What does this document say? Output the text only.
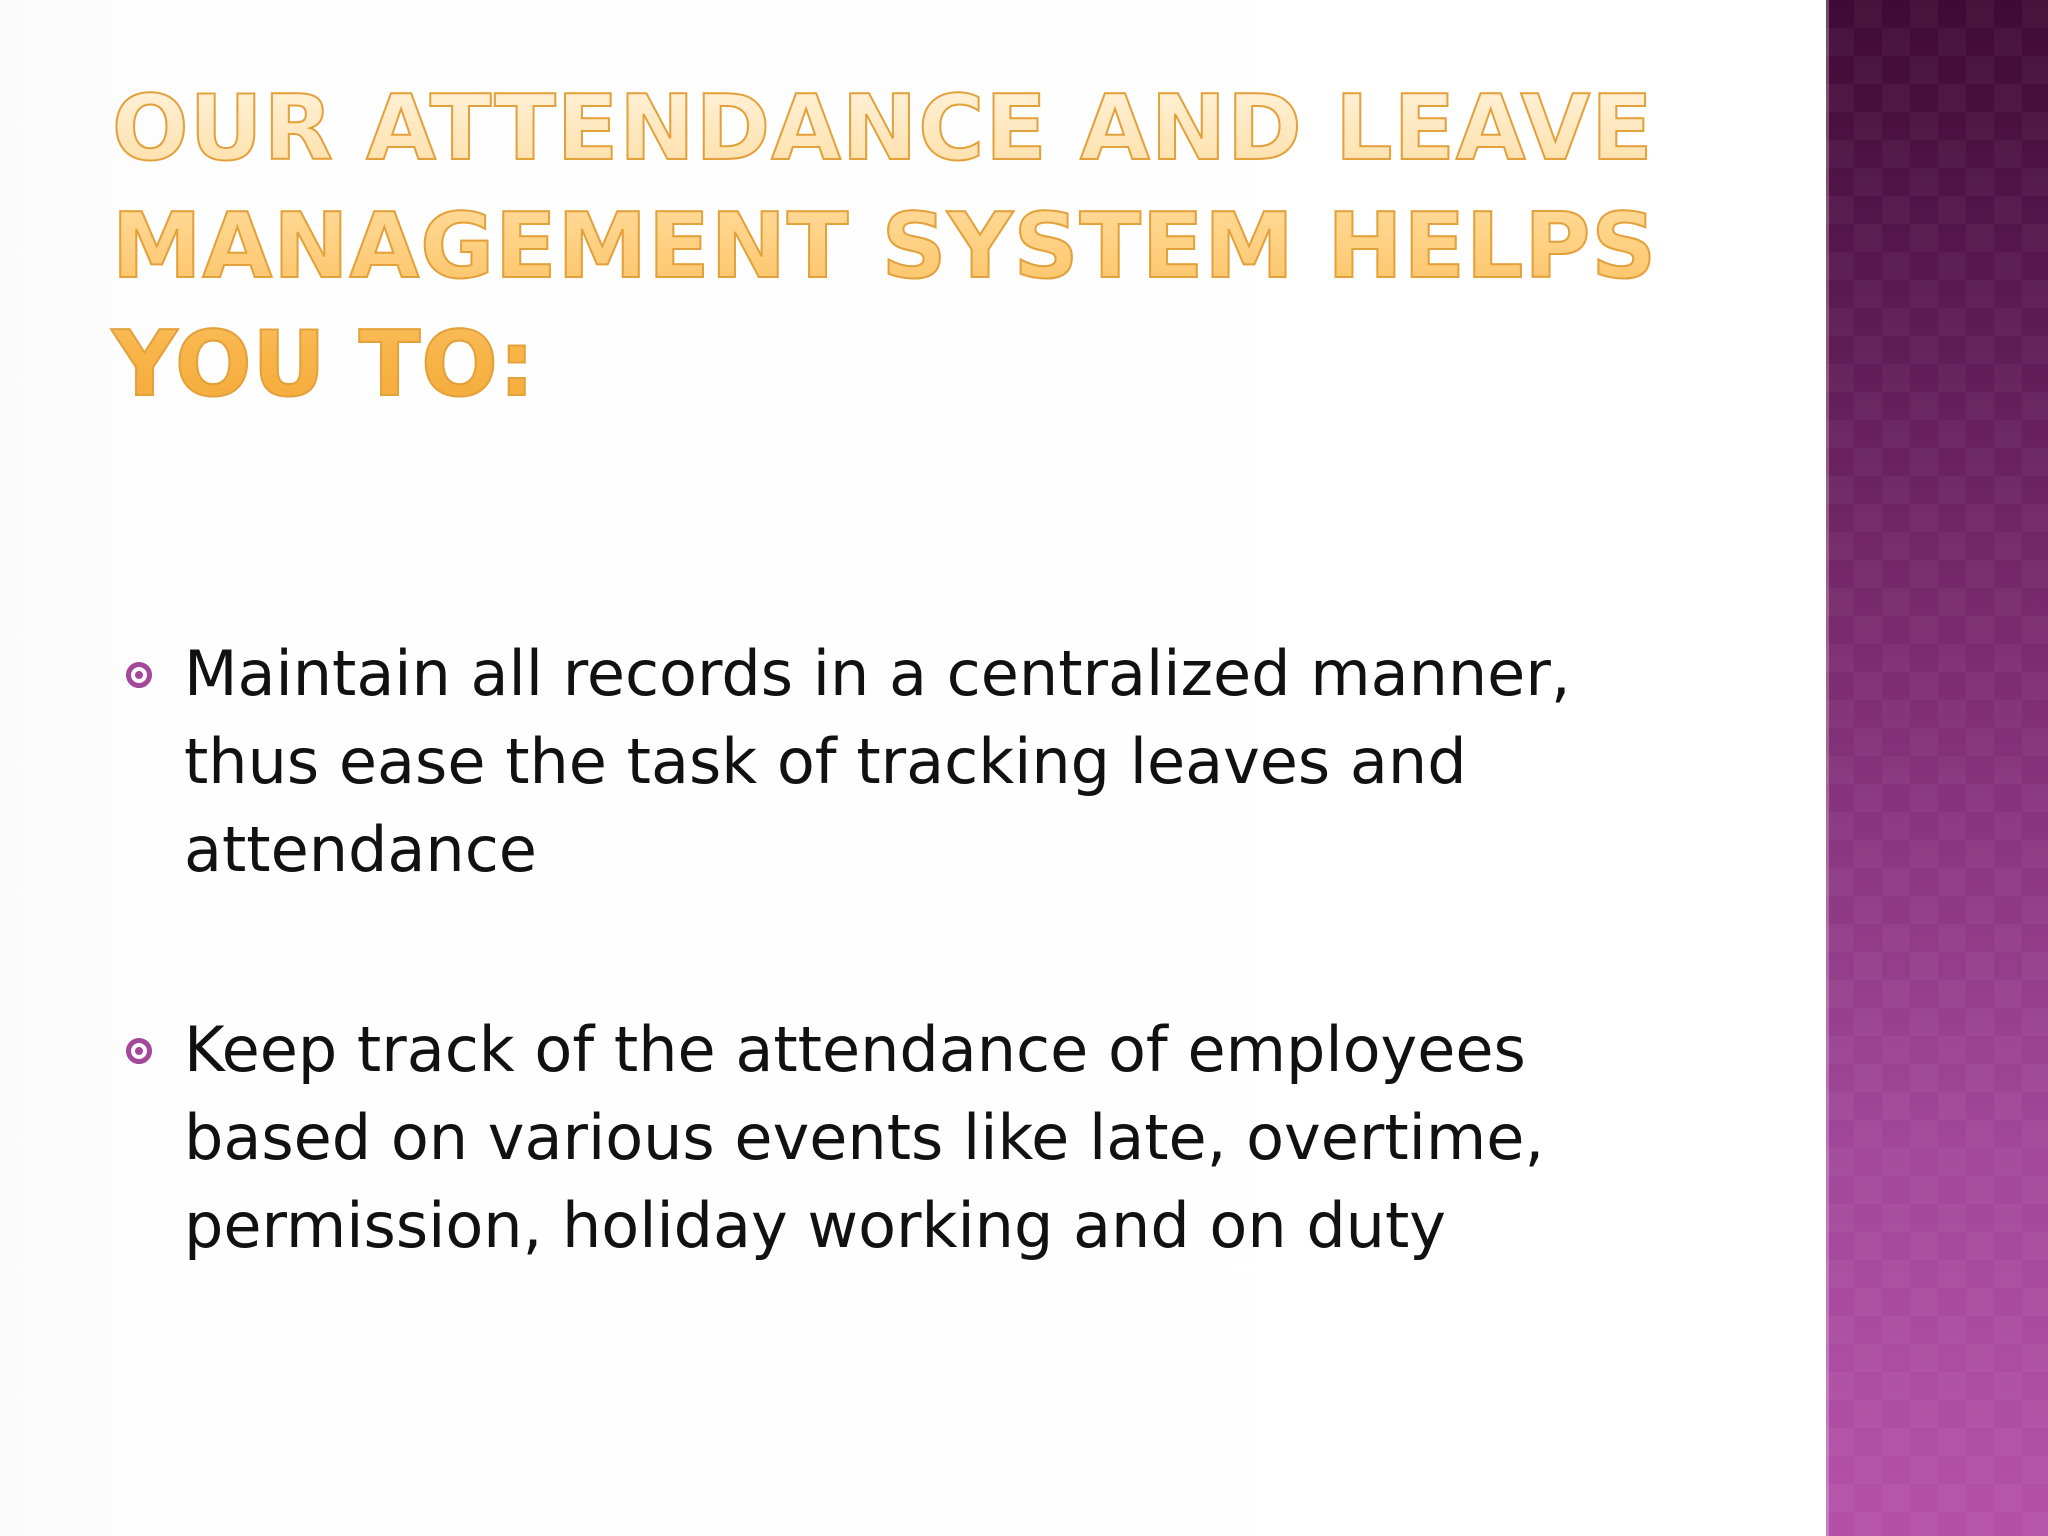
OUR ATTENDANCE AND LEAVE MANAGEMENT SYSTEM HELPS YOU TO:
Maintain all records in a centralized manner, thus ease the task of tracking leaves and attendance
Keep track of the attendance of employees based on various events like late, overtime, permission, holiday working and on duty
